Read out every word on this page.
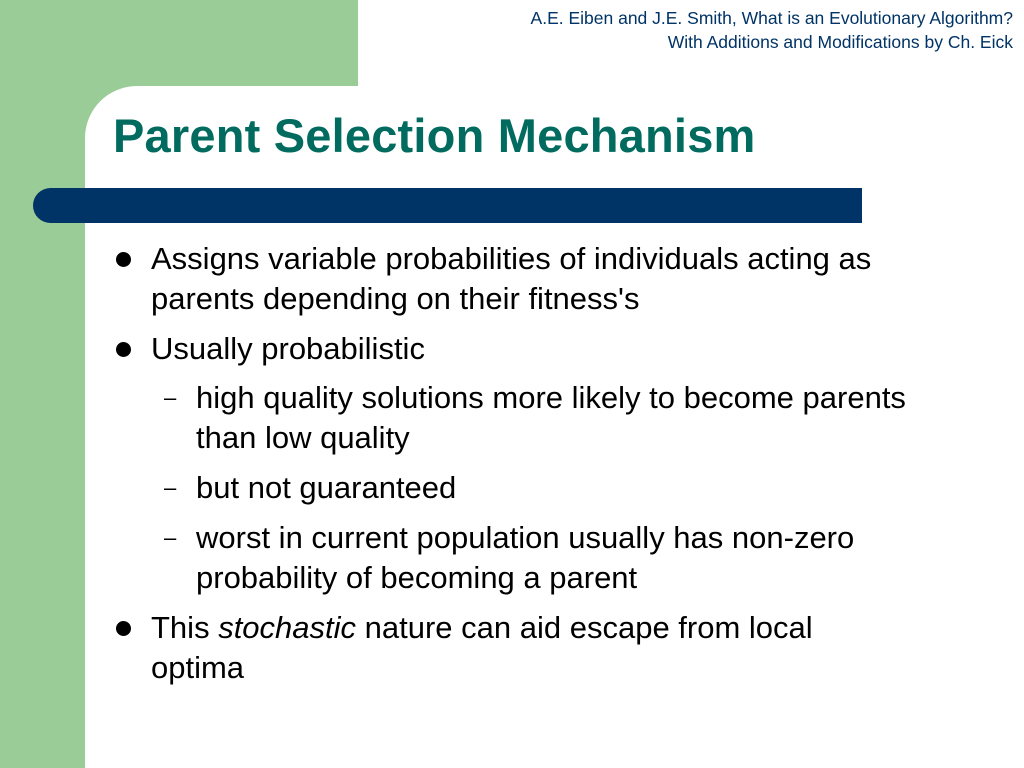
A.E. Eiben and J.E. Smith, What is an Evolutionary Algorithm?
With Additions and Modifications by Ch. Eick
Parent Selection Mechanism
Assigns variable probabilities of individuals acting as
parents depending on their fitness's
Usually probabilistic
– high quality solutions more likely to become parents
than low quality
– but not guaranteed
– worst in current population usually has non-zero
probability of becoming a parent
This stochastic nature can aid escape from local
optima
